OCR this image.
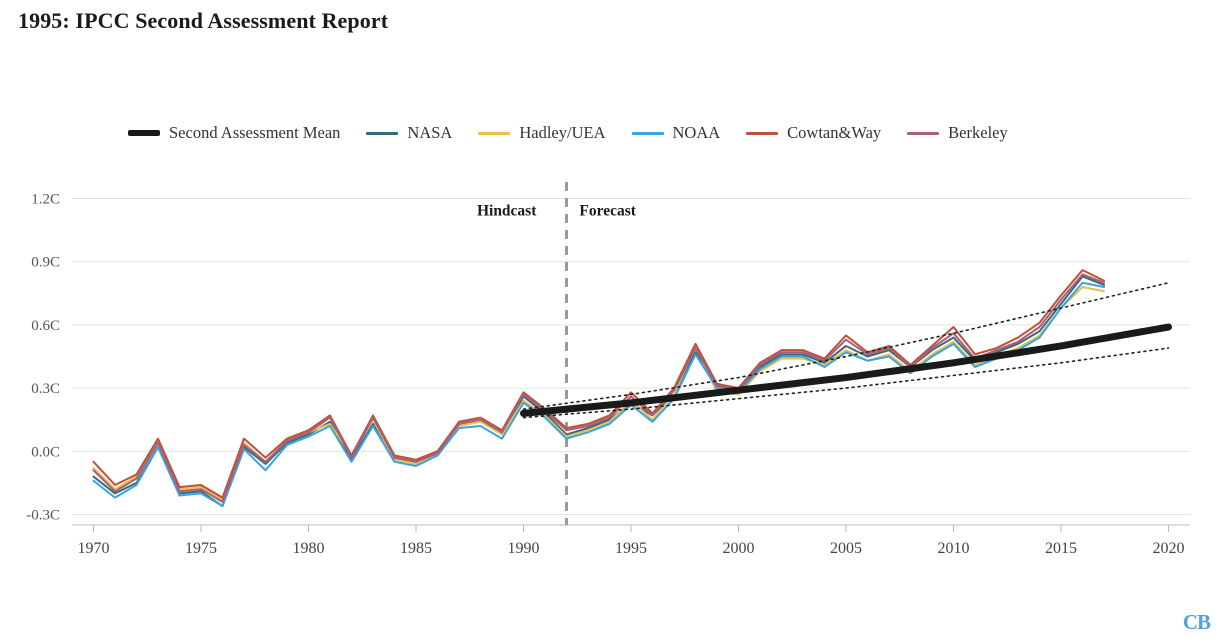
1995: IPCC Second Assessment Report
Second Assessment Mean	NASA	Hadley/UEA	NOAA	Cowtan&Way	Berkeley
-0.3C
0.0C
0.3C
0.6C
0.9C
1.2C
1970	1975	1980	1985	1990	1995	2000	2005	2010	2015	2020
Hindcast	Forecast
CB
